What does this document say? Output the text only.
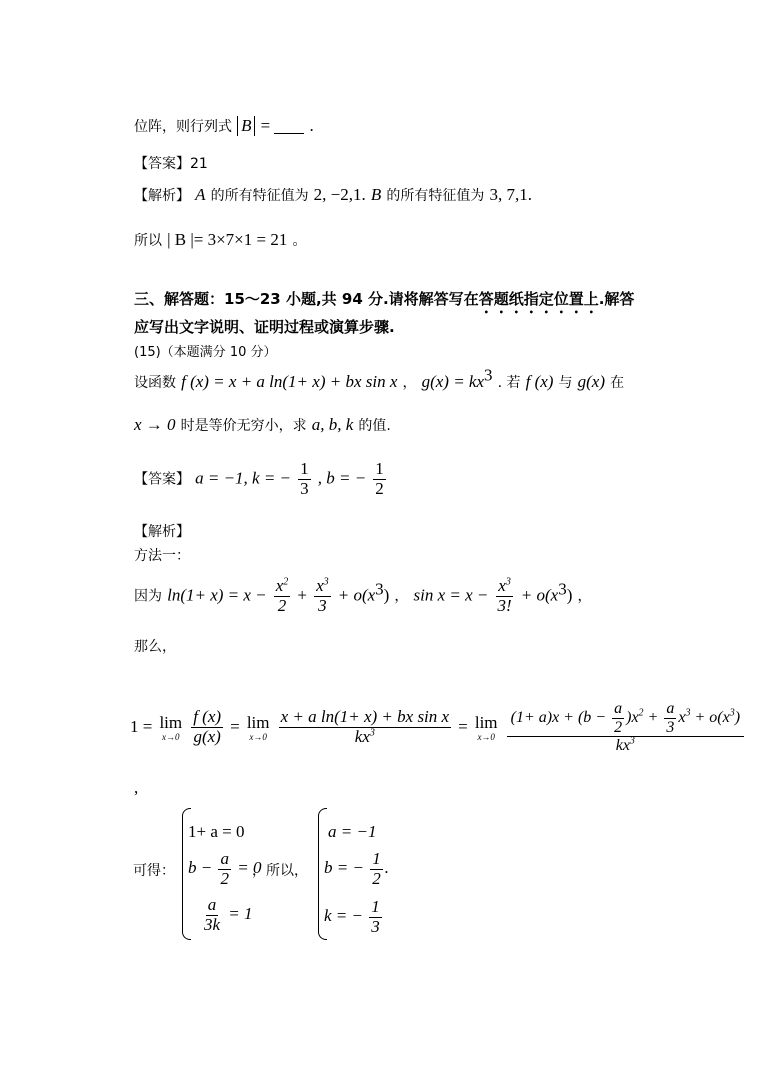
位阵，则行列式 B =  .
【答案】21
【解析】 A 的所有特征值为 2, −2,1. B 的所有特征值为 3, 7,1.
所以 | B |= 3×7×1 = 21 。
三、解答题：15～23 小题,共 94 分.请将解答写在答题纸指定位置上.解答
应写出文字说明、证明过程或演算步骤.
(15)（本题满分 10 分）
设函数 f (x) = x + a ln(1+ x) + bx sin x ， $g(x) = kx^3$ . 若 f (x) 与 g(x) 在
x → 0 时是等价无穷小，求 a, b, k 的值.
【答案】 a = −1, k = − $\frac{1}{3}$ , b = − $\frac{1}{2}$
【解析】
方法一：
因为 $\ln(1+ x) = x - \frac{x^2}{2} + \frac{x^3}{3} + o(x^3)$ ， $\sin x = x - \frac{x^3}{3!} + o(x^3)$ ，
那么，
1 = lim
x→0
$\frac{f (x)}{g(x)} = \lim$
x→0
$\frac{\text{x + a ln(1+ x) + bx sin x}}{kx^3} = \lim$
x→0
$\frac{(1+ a)x + (b - \frac{a}{2} )x^2 + \frac{a}{3} x^3 + o(x^3)}{kx^3}$
,
可得：
1+ a = 0
$b - \frac{a}{2} = 0$
$\frac{a}{3k} = 1$
，所以，
a = −1
b = − $\frac{1}{2}$ .
k = − $\frac{1}{3}$
